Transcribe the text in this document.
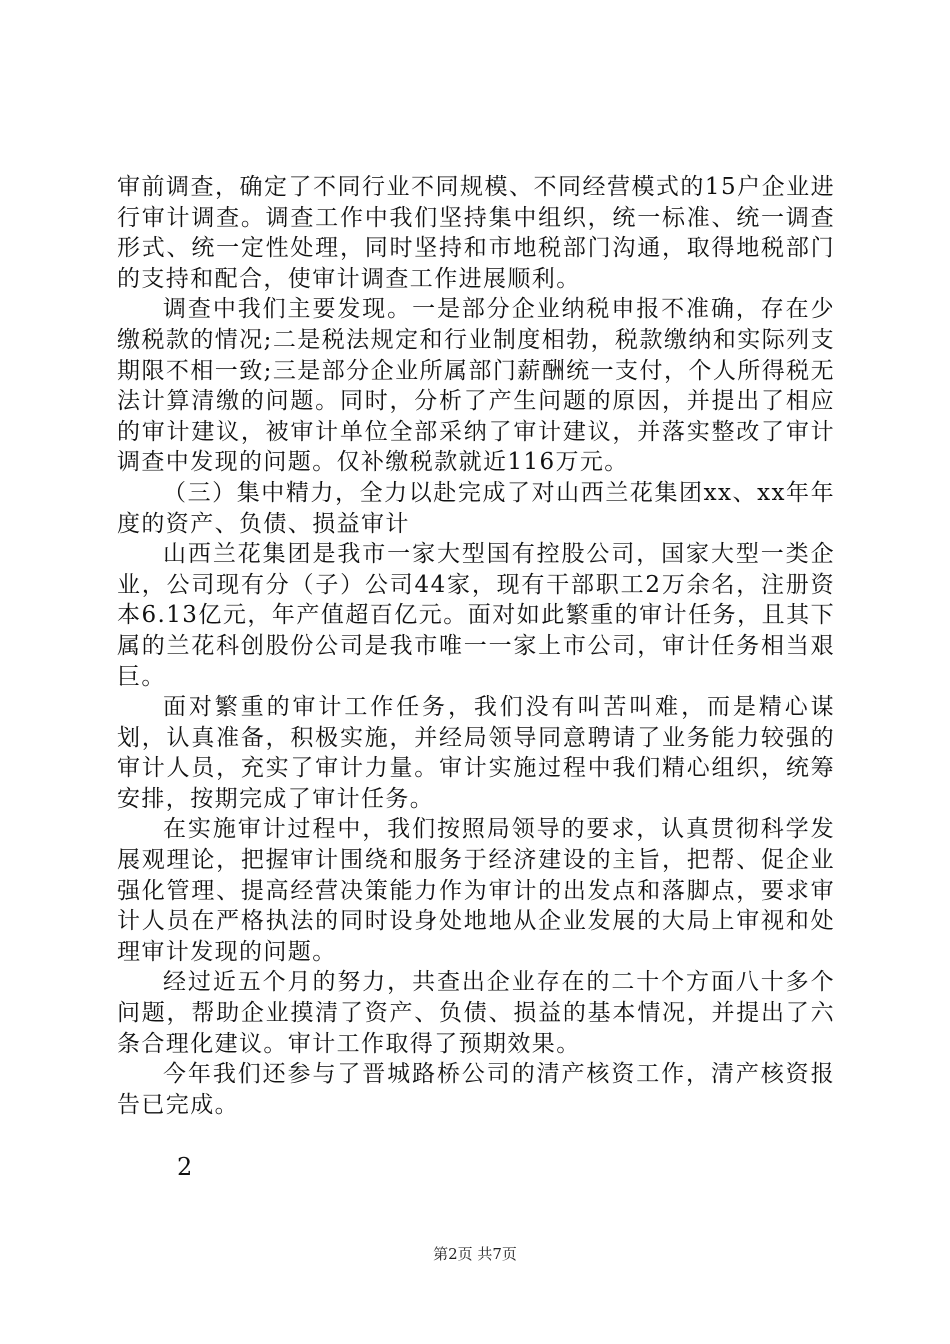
审前调查，确定了不同行业不同规模、不同经营模式的15户企业进行审计调查。调查工作中我们坚持集中组织，统一标准、统一调查形式、统一定性处理，同时坚持和市地税部门沟通，取得地税部门的支持和配合，使审计调查工作进展顺利。

调查中我们主要发现。一是部分企业纳税申报不准确，存在少缴税款的情况;二是税法规定和行业制度相勃，税款缴纳和实际列支期限不相一致;三是部分企业所属部门薪酬统一支付，个人所得税无法计算清缴的问题。同时，分析了产生问题的原因，并提出了相应的审计建议，被审计单位全部采纳了审计建议，并落实整改了审计调查中发现的问题。仅补缴税款就近116万元。

（三）集中精力，全力以赴完成了对山西兰花集团xx、xx年年度的资产、负债、损益审计

山西兰花集团是我市一家大型国有控股公司，国家大型一类企业，公司现有分（子）公司44家，现有干部职工2万余名，注册资本6.13亿元，年产值超百亿元。面对如此繁重的审计任务，且其下属的兰花科创股份公司是我市唯一一家上市公司，审计任务相当艰巨。

面对繁重的审计工作任务，我们没有叫苦叫难，而是精心谋划，认真准备，积极实施，并经局领导同意聘请了业务能力较强的审计人员，充实了审计力量。审计实施过程中我们精心组织，统筹安排，按期完成了审计任务。

在实施审计过程中，我们按照局领导的要求，认真贯彻科学发展观理论，把握审计围绕和服务于经济建设的主旨，把帮、促企业强化管理、提高经营决策能力作为审计的出发点和落脚点，要求审计人员在严格执法的同时设身处地地从企业发展的大局上审视和处理审计发现的问题。

经过近五个月的努力，共查出企业存在的二十个方面八十多个问题，帮助企业摸清了资产、负债、损益的基本情况，并提出了六条合理化建议。审计工作取得了预期效果。

今年我们还参与了晋城路桥公司的清产核资工作，清产核资报告已完成。

2
第2页 共7页
